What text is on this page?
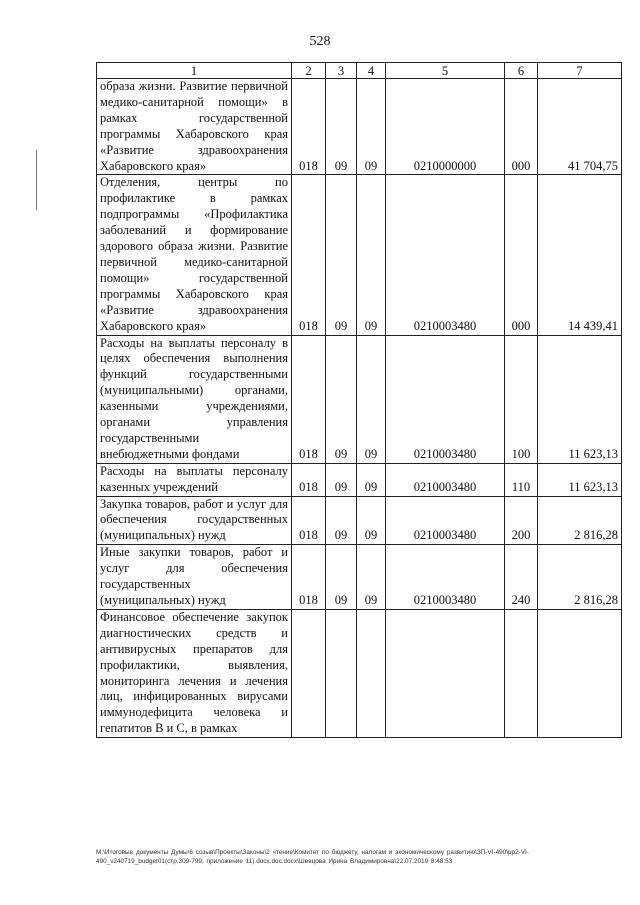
528
1	2	3	4	5	6	7
образа жизни. Развитие первичной медико-санитарной помощи» в рамках государственной программы Хабаровского края «Развитие здравоохранения Хабаровского края»	018	09	09	0210000000	000	41 704,75
Отделения, центры по профилактике в рамках подпрограммы «Профилактика заболеваний и формирование здорового образа жизни. Развитие первичной медико-санитарной помощи» государственной программы Хабаровского края «Развитие здравоохранения Хабаровского края»	018	09	09	0210003480	000	14 439,41
Расходы на выплаты персоналу в целях обеспечения выполнения функций государственными (муниципальными) органами, казенными учреждениями, органами управления государственными внебюджетными фондами	018	09	09	0210003480	100	11 623,13
Расходы на выплаты персоналу казенных учреждений	018	09	09	0210003480	110	11 623,13
Закупка товаров, работ и услуг для обеспечения государственных (муниципальных) нужд	018	09	09	0210003480	200	2 816,28
Иные закупки товаров, работ и услуг для обеспечения государственных (муниципальных) нужд	018	09	09	0210003480	240	2 816,28
Финансовое обеспечение закупок диагностических средств и антивирусных препаратов для профилактики, выявления, мониторинга лечения и лечения лиц, инфицированных вирусами иммунодефицита человека и гепатитов В и С, в рамках						
M:\Итоговые документы Думы\6 созыв\Проекты\Законы\2 чтение\Комитет по бюджету, налогам и экономическому развитию\ЗП-VI-490\pp2-VI-
490_v240719_budget01(стр.309-799, приложение 11).docx.doc.docx\Шевцова Ирина Владимировна\22.07.2019 8:48:53
